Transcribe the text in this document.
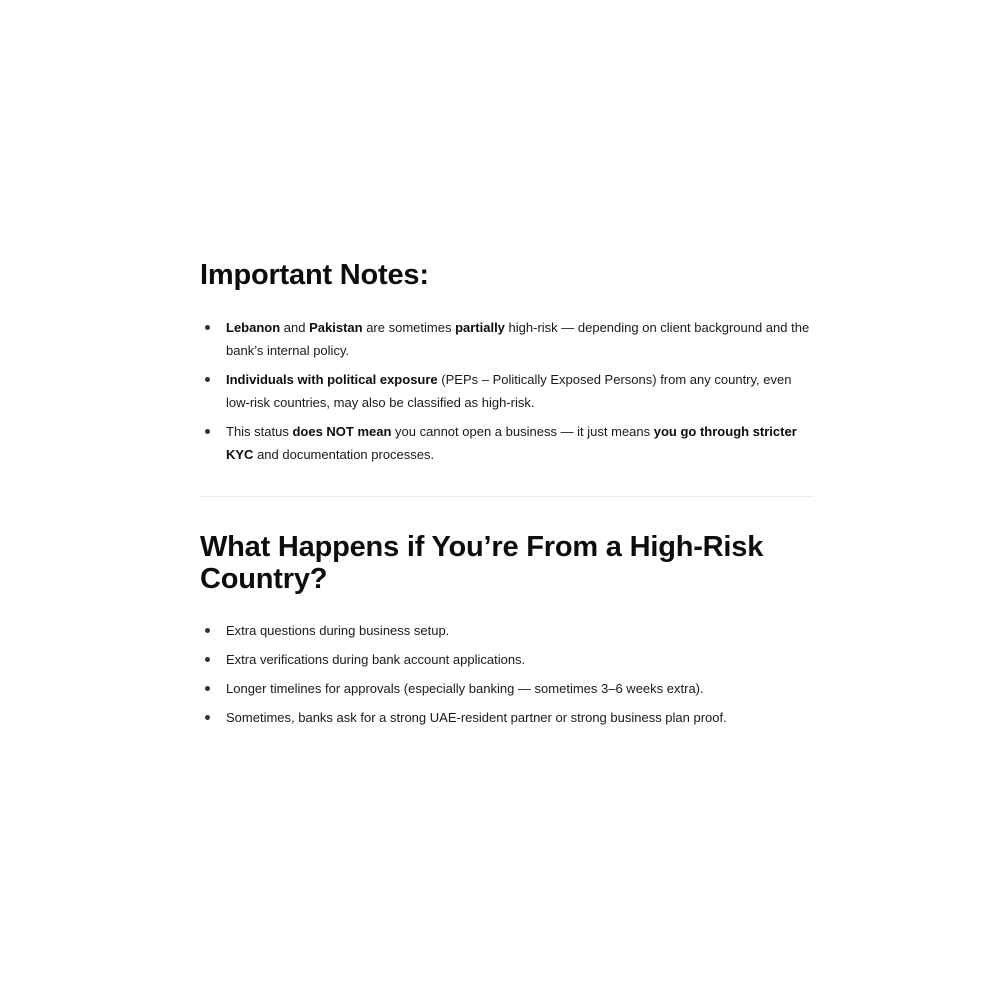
Important Notes:
Lebanon and Pakistan are sometimes partially high-risk — depending on client background and the bank’s internal policy.
Individuals with political exposure (PEPs – Politically Exposed Persons) from any country, even low-risk countries, may also be classified as high-risk.
This status does NOT mean you cannot open a business — it just means you go through stricter KYC and documentation processes.
What Happens if You’re From a High-Risk Country?
Extra questions during business setup.
Extra verifications during bank account applications.
Longer timelines for approvals (especially banking — sometimes 3–6 weeks extra).
Sometimes, banks ask for a strong UAE-resident partner or strong business plan proof.
